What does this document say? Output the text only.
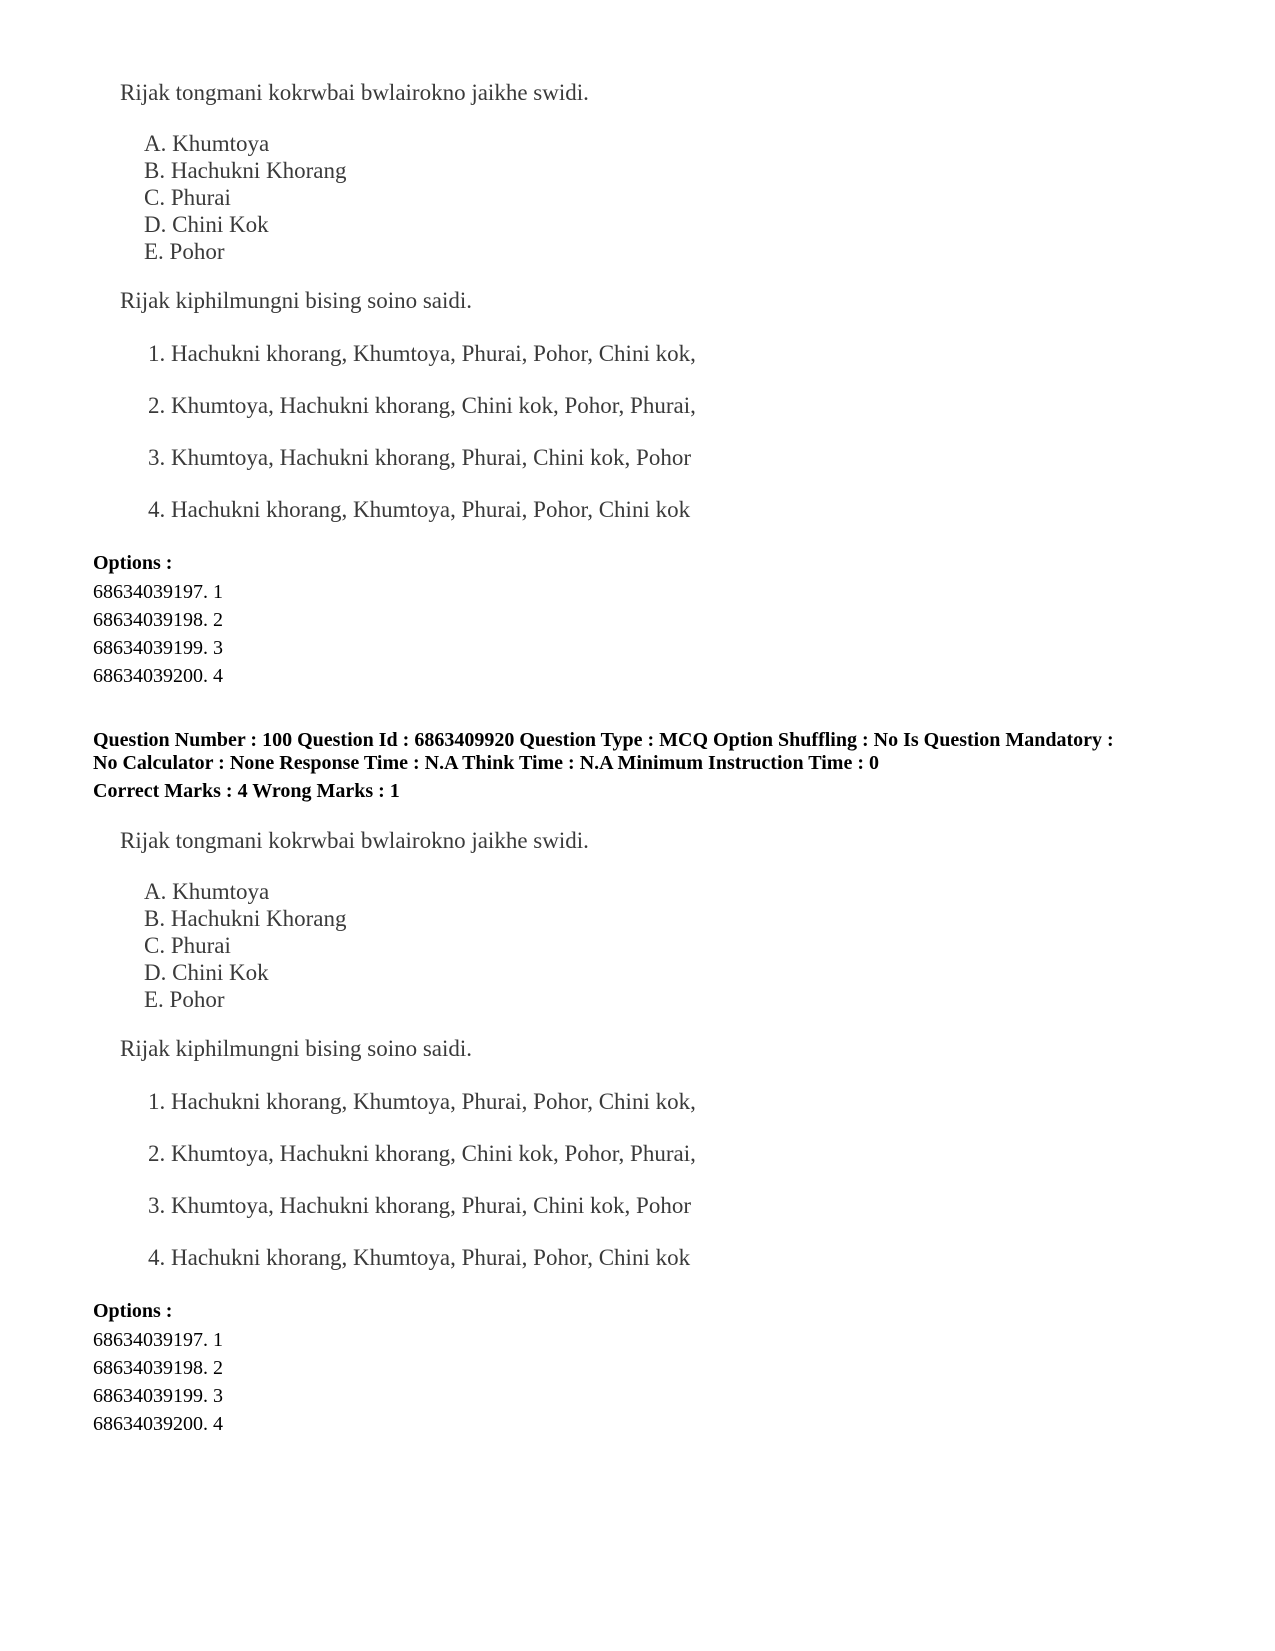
Rijak tongmani kokrwbai bwlairokno jaikhe swidi.
A. Khumtoya
B. Hachukni Khorang
C. Phurai
D. Chini Kok
E. Pohor
Rijak kiphilmungni bising soino saidi.
1. Hachukni khorang, Khumtoya, Phurai, Pohor, Chini kok,
2. Khumtoya, Hachukni khorang, Chini kok, Pohor, Phurai,
3. Khumtoya, Hachukni khorang, Phurai, Chini kok, Pohor
4. Hachukni khorang, Khumtoya, Phurai, Pohor, Chini kok
Options :
68634039197. 1
68634039198. 2
68634039199. 3
68634039200. 4
Question Number : 100 Question Id : 6863409920 Question Type : MCQ Option Shuffling : No Is Question Mandatory :
No Calculator : None Response Time : N.A Think Time : N.A Minimum Instruction Time : 0
Correct Marks : 4 Wrong Marks : 1
Rijak tongmani kokrwbai bwlairokno jaikhe swidi.
A. Khumtoya
B. Hachukni Khorang
C. Phurai
D. Chini Kok
E. Pohor
Rijak kiphilmungni bising soino saidi.
1. Hachukni khorang, Khumtoya, Phurai, Pohor, Chini kok,
2. Khumtoya, Hachukni khorang, Chini kok, Pohor, Phurai,
3. Khumtoya, Hachukni khorang, Phurai, Chini kok, Pohor
4. Hachukni khorang, Khumtoya, Phurai, Pohor, Chini kok
Options :
68634039197. 1
68634039198. 2
68634039199. 3
68634039200. 4
